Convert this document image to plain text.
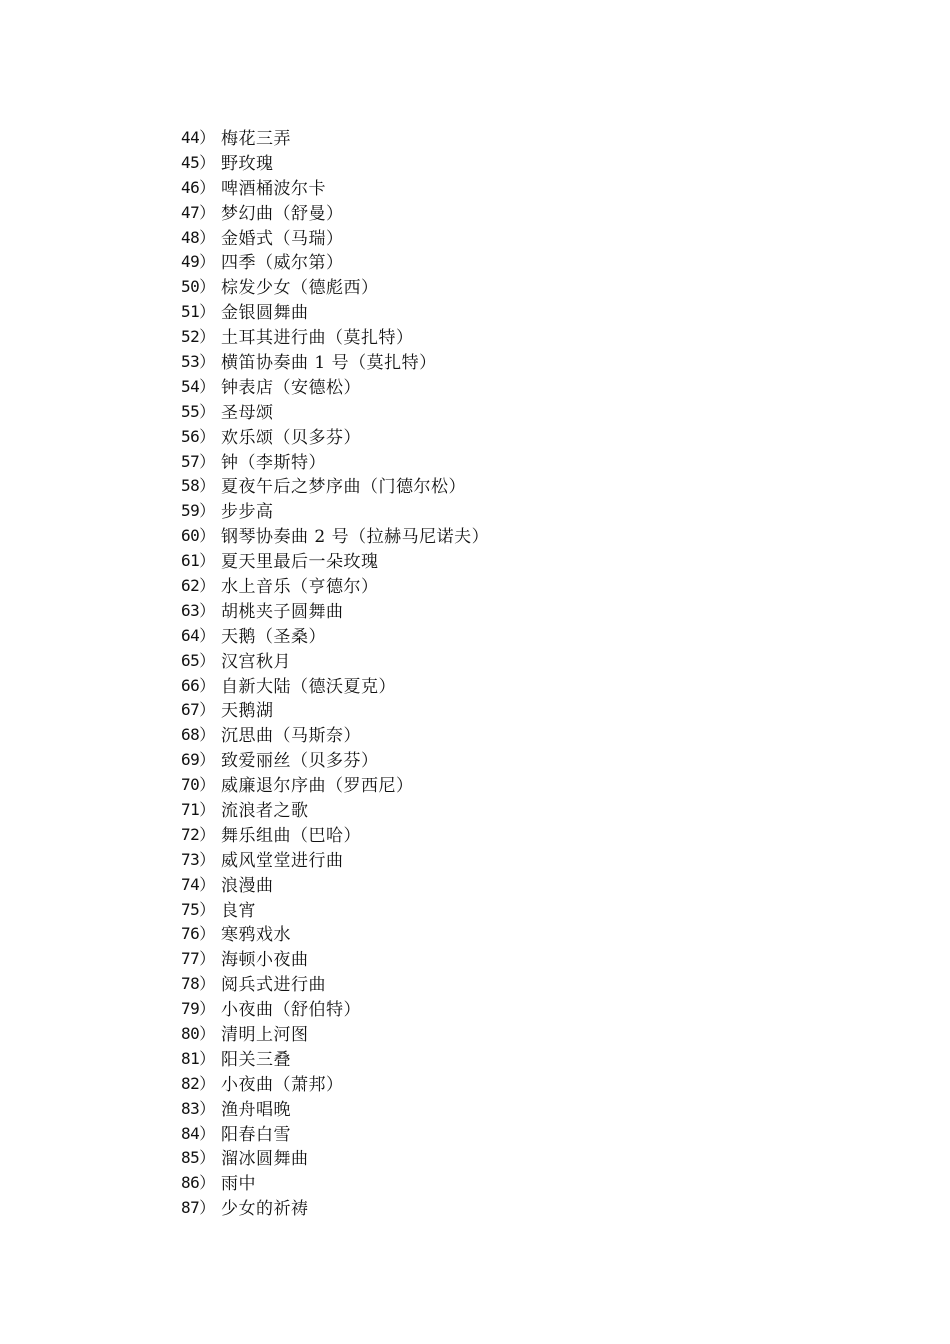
44） 梅花三弄
45） 野玫瑰
46） 啤酒桶波尔卡
47） 梦幻曲（舒曼）
48） 金婚式（马瑞）
49） 四季（威尔第）
50） 棕发少女（德彪西）
51） 金银圆舞曲
52） 土耳其进行曲（莫扎特）
53） 横笛协奏曲 1 号（莫扎特）
54） 钟表店（安德松）
55） 圣母颂
56） 欢乐颂（贝多芬）
57） 钟（李斯特）
58） 夏夜午后之梦序曲（门德尔松）
59） 步步高
60） 钢琴协奏曲 2 号（拉赫马尼诺夫）
61） 夏天里最后一朵玫瑰
62） 水上音乐（亨德尔）
63） 胡桃夹子圆舞曲
64） 天鹅（圣桑）
65） 汉宫秋月
66） 自新大陆（德沃夏克）
67） 天鹅湖
68） 沉思曲（马斯奈）
69） 致爱丽丝（贝多芬）
70） 威廉退尔序曲（罗西尼）
71） 流浪者之歌
72） 舞乐组曲（巴哈）
73） 威风堂堂进行曲
74） 浪漫曲
75） 良宵
76） 寒鸦戏水
77） 海顿小夜曲
78） 阅兵式进行曲
79） 小夜曲（舒伯特）
80） 清明上河图
81） 阳关三叠
82） 小夜曲（萧邦）
83） 渔舟唱晚
84） 阳春白雪
85） 溜冰圆舞曲
86） 雨中
87） 少女的祈祷
